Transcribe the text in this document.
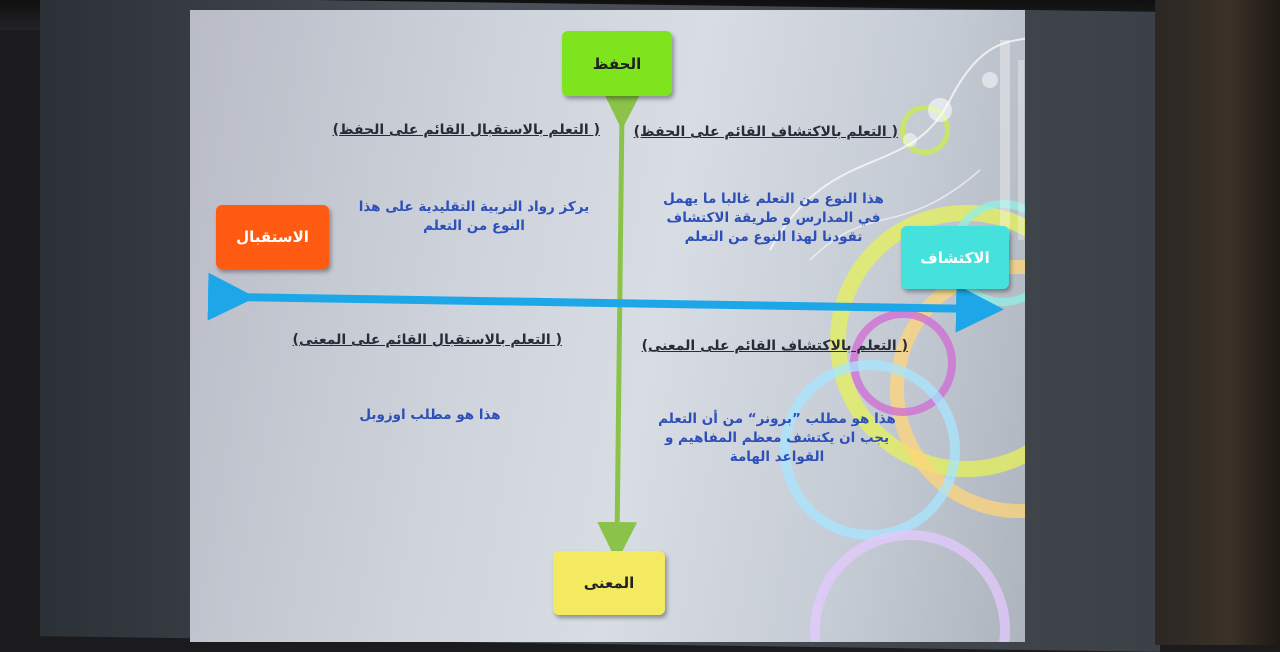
الحفظ
الاستقبال
الاكتشاف
المعنى
( التعلم بالاكتشاف القائم على الحفظ)
هذا النوع من التعلم غالبا ما يهمل في المدارس و طريقة الاكتشاف تقودنا لهذا النوع من التعلم
( التعلم بالاستقبال القائم على الحفظ)
يركز رواد التربية التقليدية على هذا النوع من التعلم
( التعلم بالاكتشاف القائم على المعنى)
هذا هو مطلب ”برونر“ من أن التعلم يجب ان يكتشف معظم المفاهيم و القواعد الهامة
( التعلم بالاستقبال القائم على المعنى)
هذا هو مطلب اوزوبل
